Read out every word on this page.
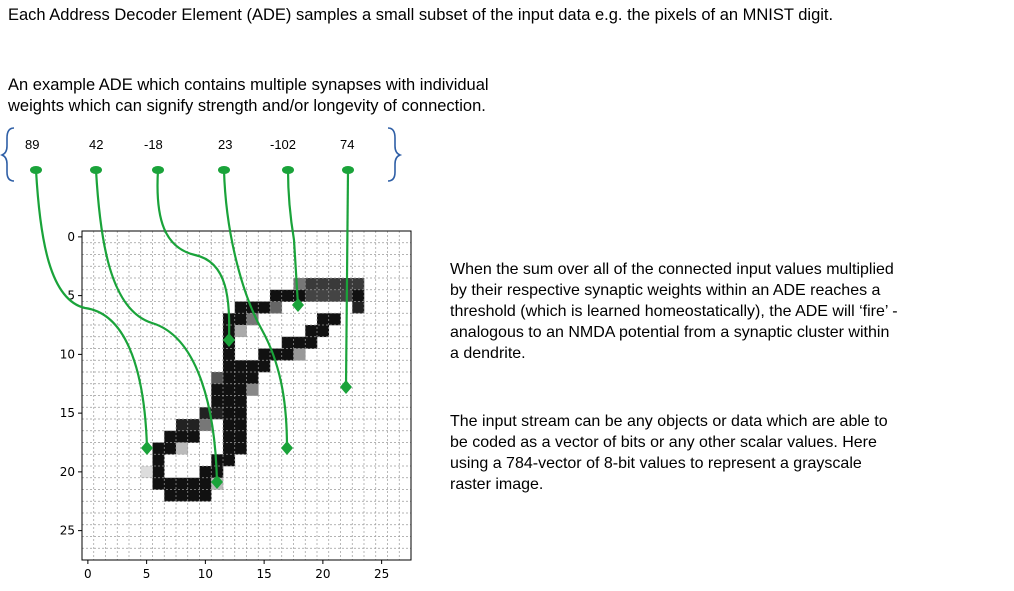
Each Address Decoder Element (ADE) samples a small subset of the input data e.g. the pixels of an MNIST digit.
An example ADE which contains multiple synapses with individual
weights which can signify strength and/or longevity of connection.
When the sum over all of the connected input values multiplied
by their respective synaptic weights within an ADE reaches a
threshold (which is learned homeostatically), the ADE will ‘fire’ -
analogous to an NMDA potential from a synaptic cluster within
a dendrite.
The input stream can be any objects or data which are able to
be coded as a vector of bits or any other scalar values. Here
using a 784-vector of 8-bit values to represent a grayscale
raster image.
89	42	-18	23	-102	74
0	5	10	15	20	25
0
5
10
15
20
25
